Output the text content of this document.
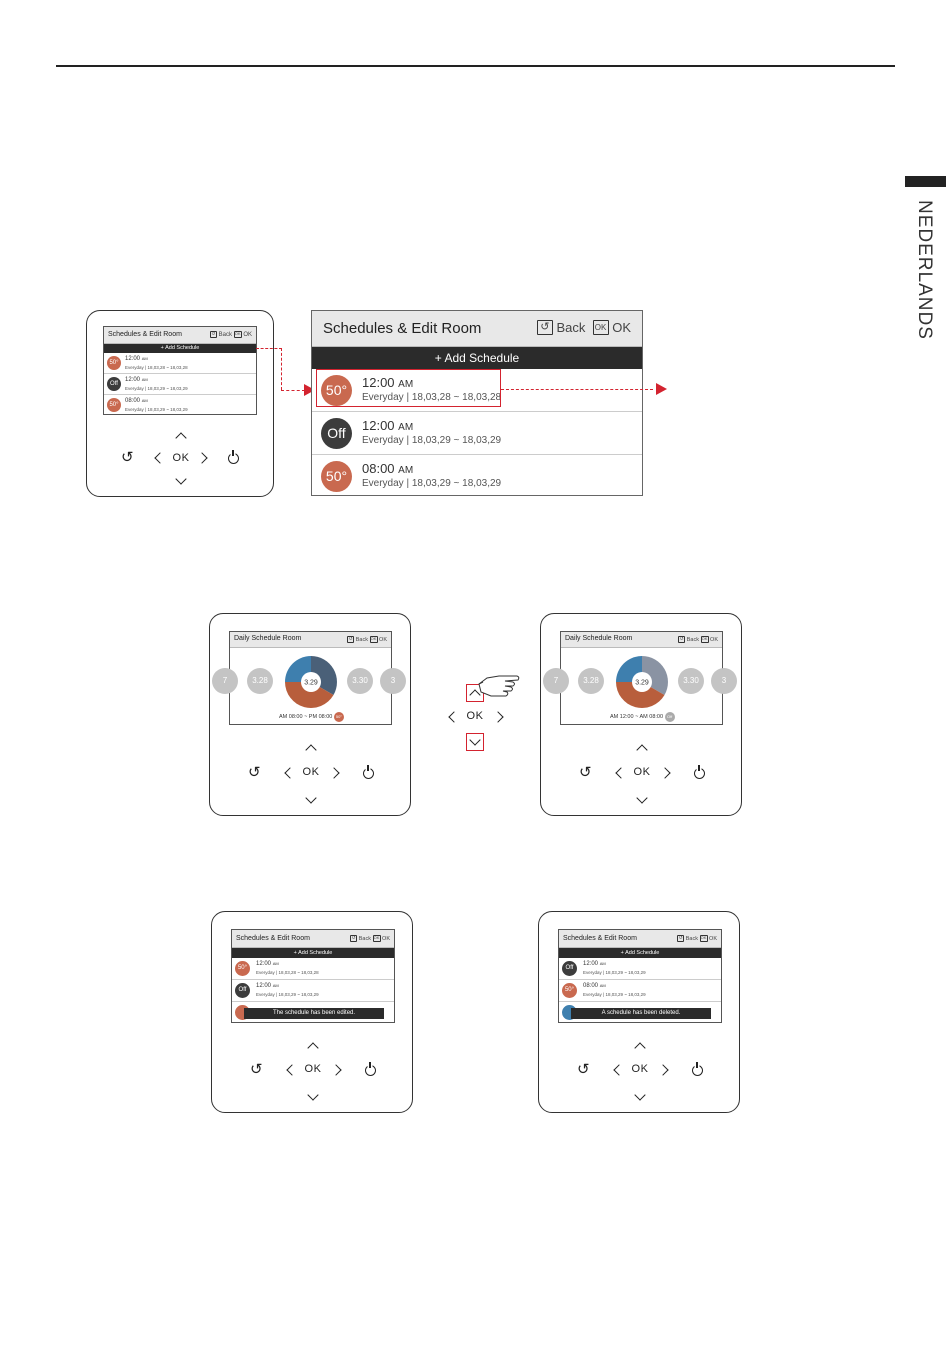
NEDERLANDS
Schedules & Edit Room	↺
Back
OK
OK
+ Add Schedule
50°
12:00 AM
Everyday | 18,03,28 ~ 18,03,28
Off
12:00 AM
Everyday | 18,03,29 ~ 18,03,29
50°
08:00 AM
Everyday | 18,03,29 ~ 18,03,29
↺	OK
Schedules & Edit Room	↺
Back
OK
OK
+ Add Schedule
50°	12:00 AM
Everyday | 18,03,28 ~ 18,03,28
Off	12:00 AM
Everyday | 18,03,29 ~ 18,03,29
50°	08:00 AM
Everyday | 18,03,29 ~ 18,03,29
Daily Schedule Room	↺
Back
OK
OK
7	3.28	3.30	3
3.29
AM 08:00 ~ PM 08:00
50°
↺	OK
OK
Daily Schedule Room	↺
Back
OK
OK
7	3.28	3.30	3
3.29
AM 12:00 ~ AM 08:00
Off
↺	OK
Schedules & Edit Room	↺
Back
OK
OK
+ Add Schedule
50°
12:00 AM
Everyday | 18,03,28 ~ 18,03,28
Off
12:00 AM
Everyday | 18,03,29 ~ 18,03,29
The schedule has been edited.
↺	OK
Schedules & Edit Room	↺
Back
OK
OK
+ Add Schedule
Off
12:00 AM
Everyday | 18,03,29 ~ 18,03,29
50°
08:00 AM
Everyday | 18,03,29 ~ 18,03,29
A schedule has been deleted.
↺	OK
